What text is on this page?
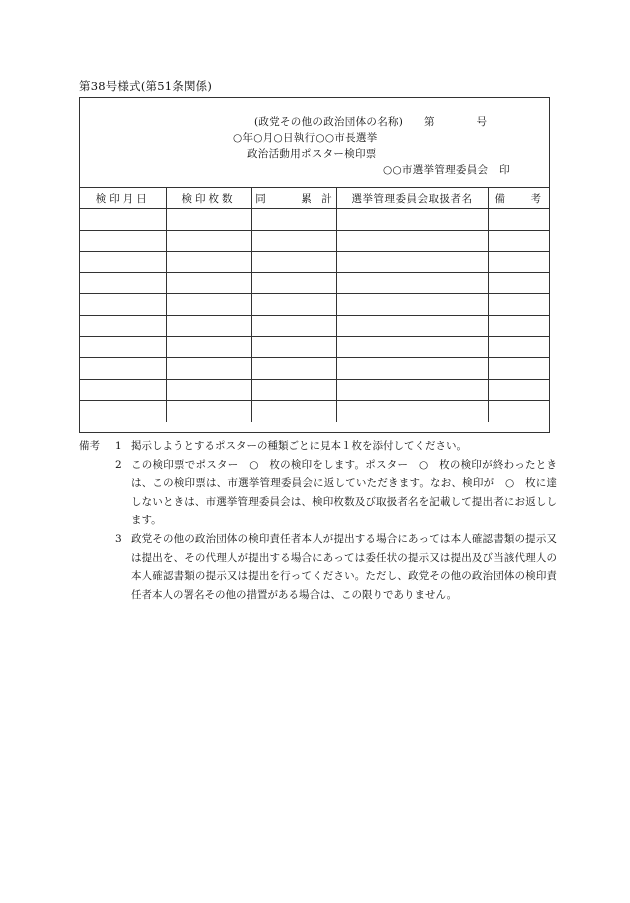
第38号様式(第51条関係)
(政党その他の政治団体の名称) 第　　　　号
○年○月○日執行○○市長選挙
政治活動用ポスター検印票
○○市選挙管理委員会　印
検印月日	検印枚数	同 累 計	選挙管理委員会取扱者名	備 考

備考 1 掲示しようとするポスターの種類ごとに見本１枚を添付してください。
2 この検印票でポスター　○　枚の検印をします。ポスター　○　枚の検印が終わったときは、この検印票は、市選挙管理委員会に返していただきます。なお、検印が　○　枚に達しないときは、市選挙管理委員会は、検印枚数及び取扱者名を記載して提出者にお返しします。
3 政党その他の政治団体の検印責任者本人が提出する場合にあっては本人確認書類の提示又は提出を、その代理人が提出する場合にあっては委任状の提示又は提出及び当該代理人の本人確認書類の提示又は提出を行ってください。ただし、政党その他の政治団体の検印責任者本人の署名その他の措置がある場合は、この限りでありません。
